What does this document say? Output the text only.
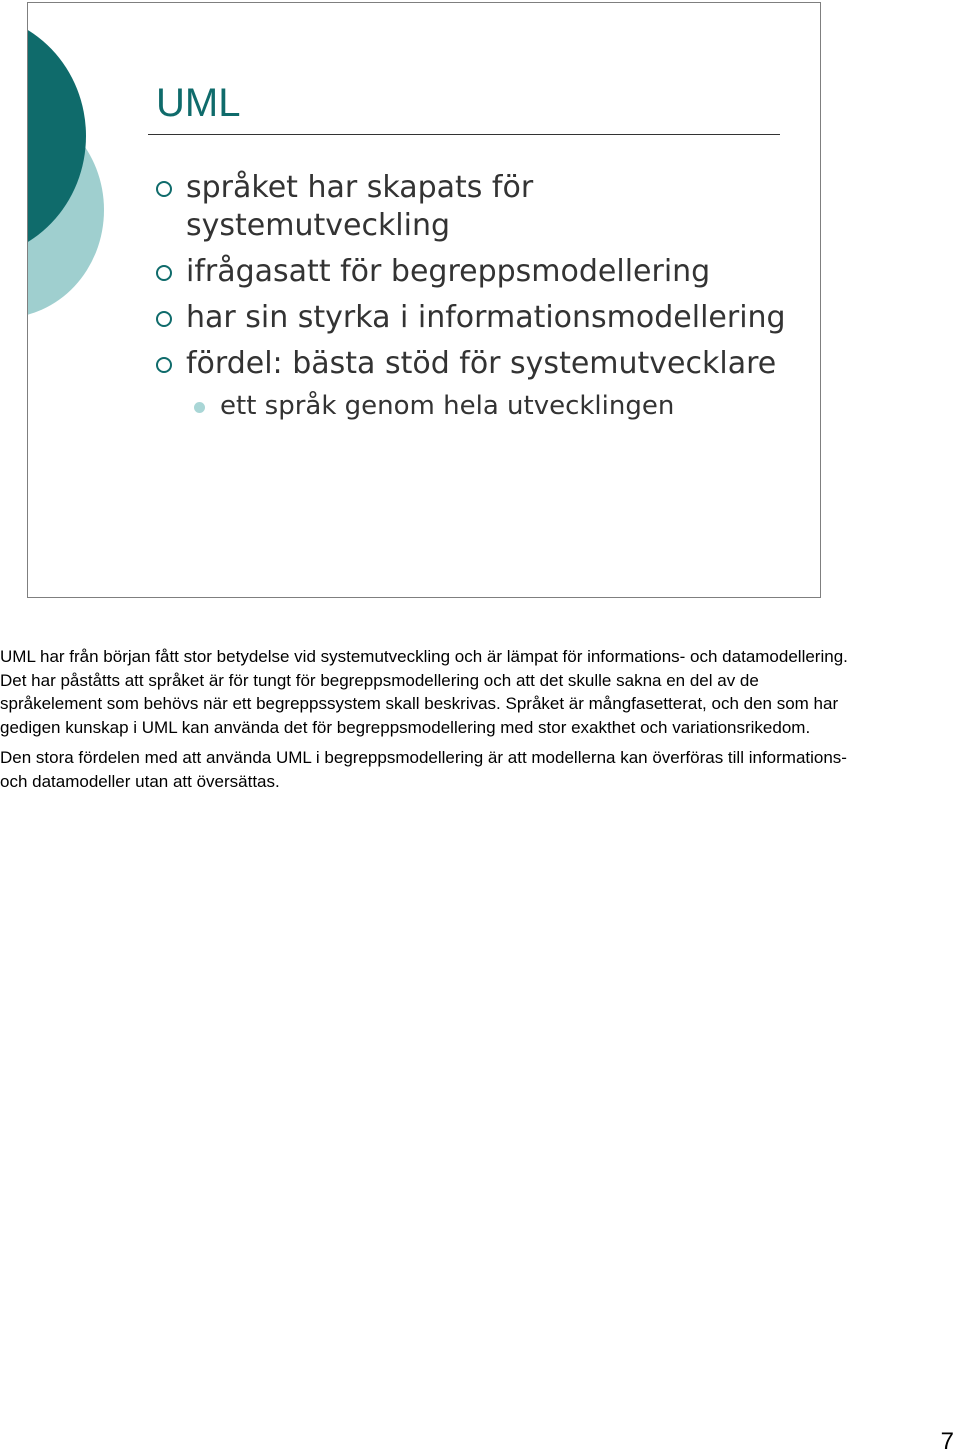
UML
språket har skapats för systemutveckling
ifrågasatt för begreppsmodellering
har sin styrka i informationsmodellering
fördel: bästa stöd för systemutvecklare
ett språk genom hela utvecklingen

UML har från början fått stor betydelse vid systemutveckling och är lämpat för informations- och datamodellering. Det har påståtts att språket är för tungt för begreppsmodellering och att det skulle sakna en del av de språkelement som behövs när ett begreppssystem skall beskrivas. Språket är mångfasetterat, och den som har gedigen kunskap i UML kan använda det för begreppsmodellering med stor exakthet och variationsrikedom.

Den stora fördelen med att använda UML i begreppsmodellering är att modellerna kan överföras till informations- och datamodeller utan att översättas.

7
